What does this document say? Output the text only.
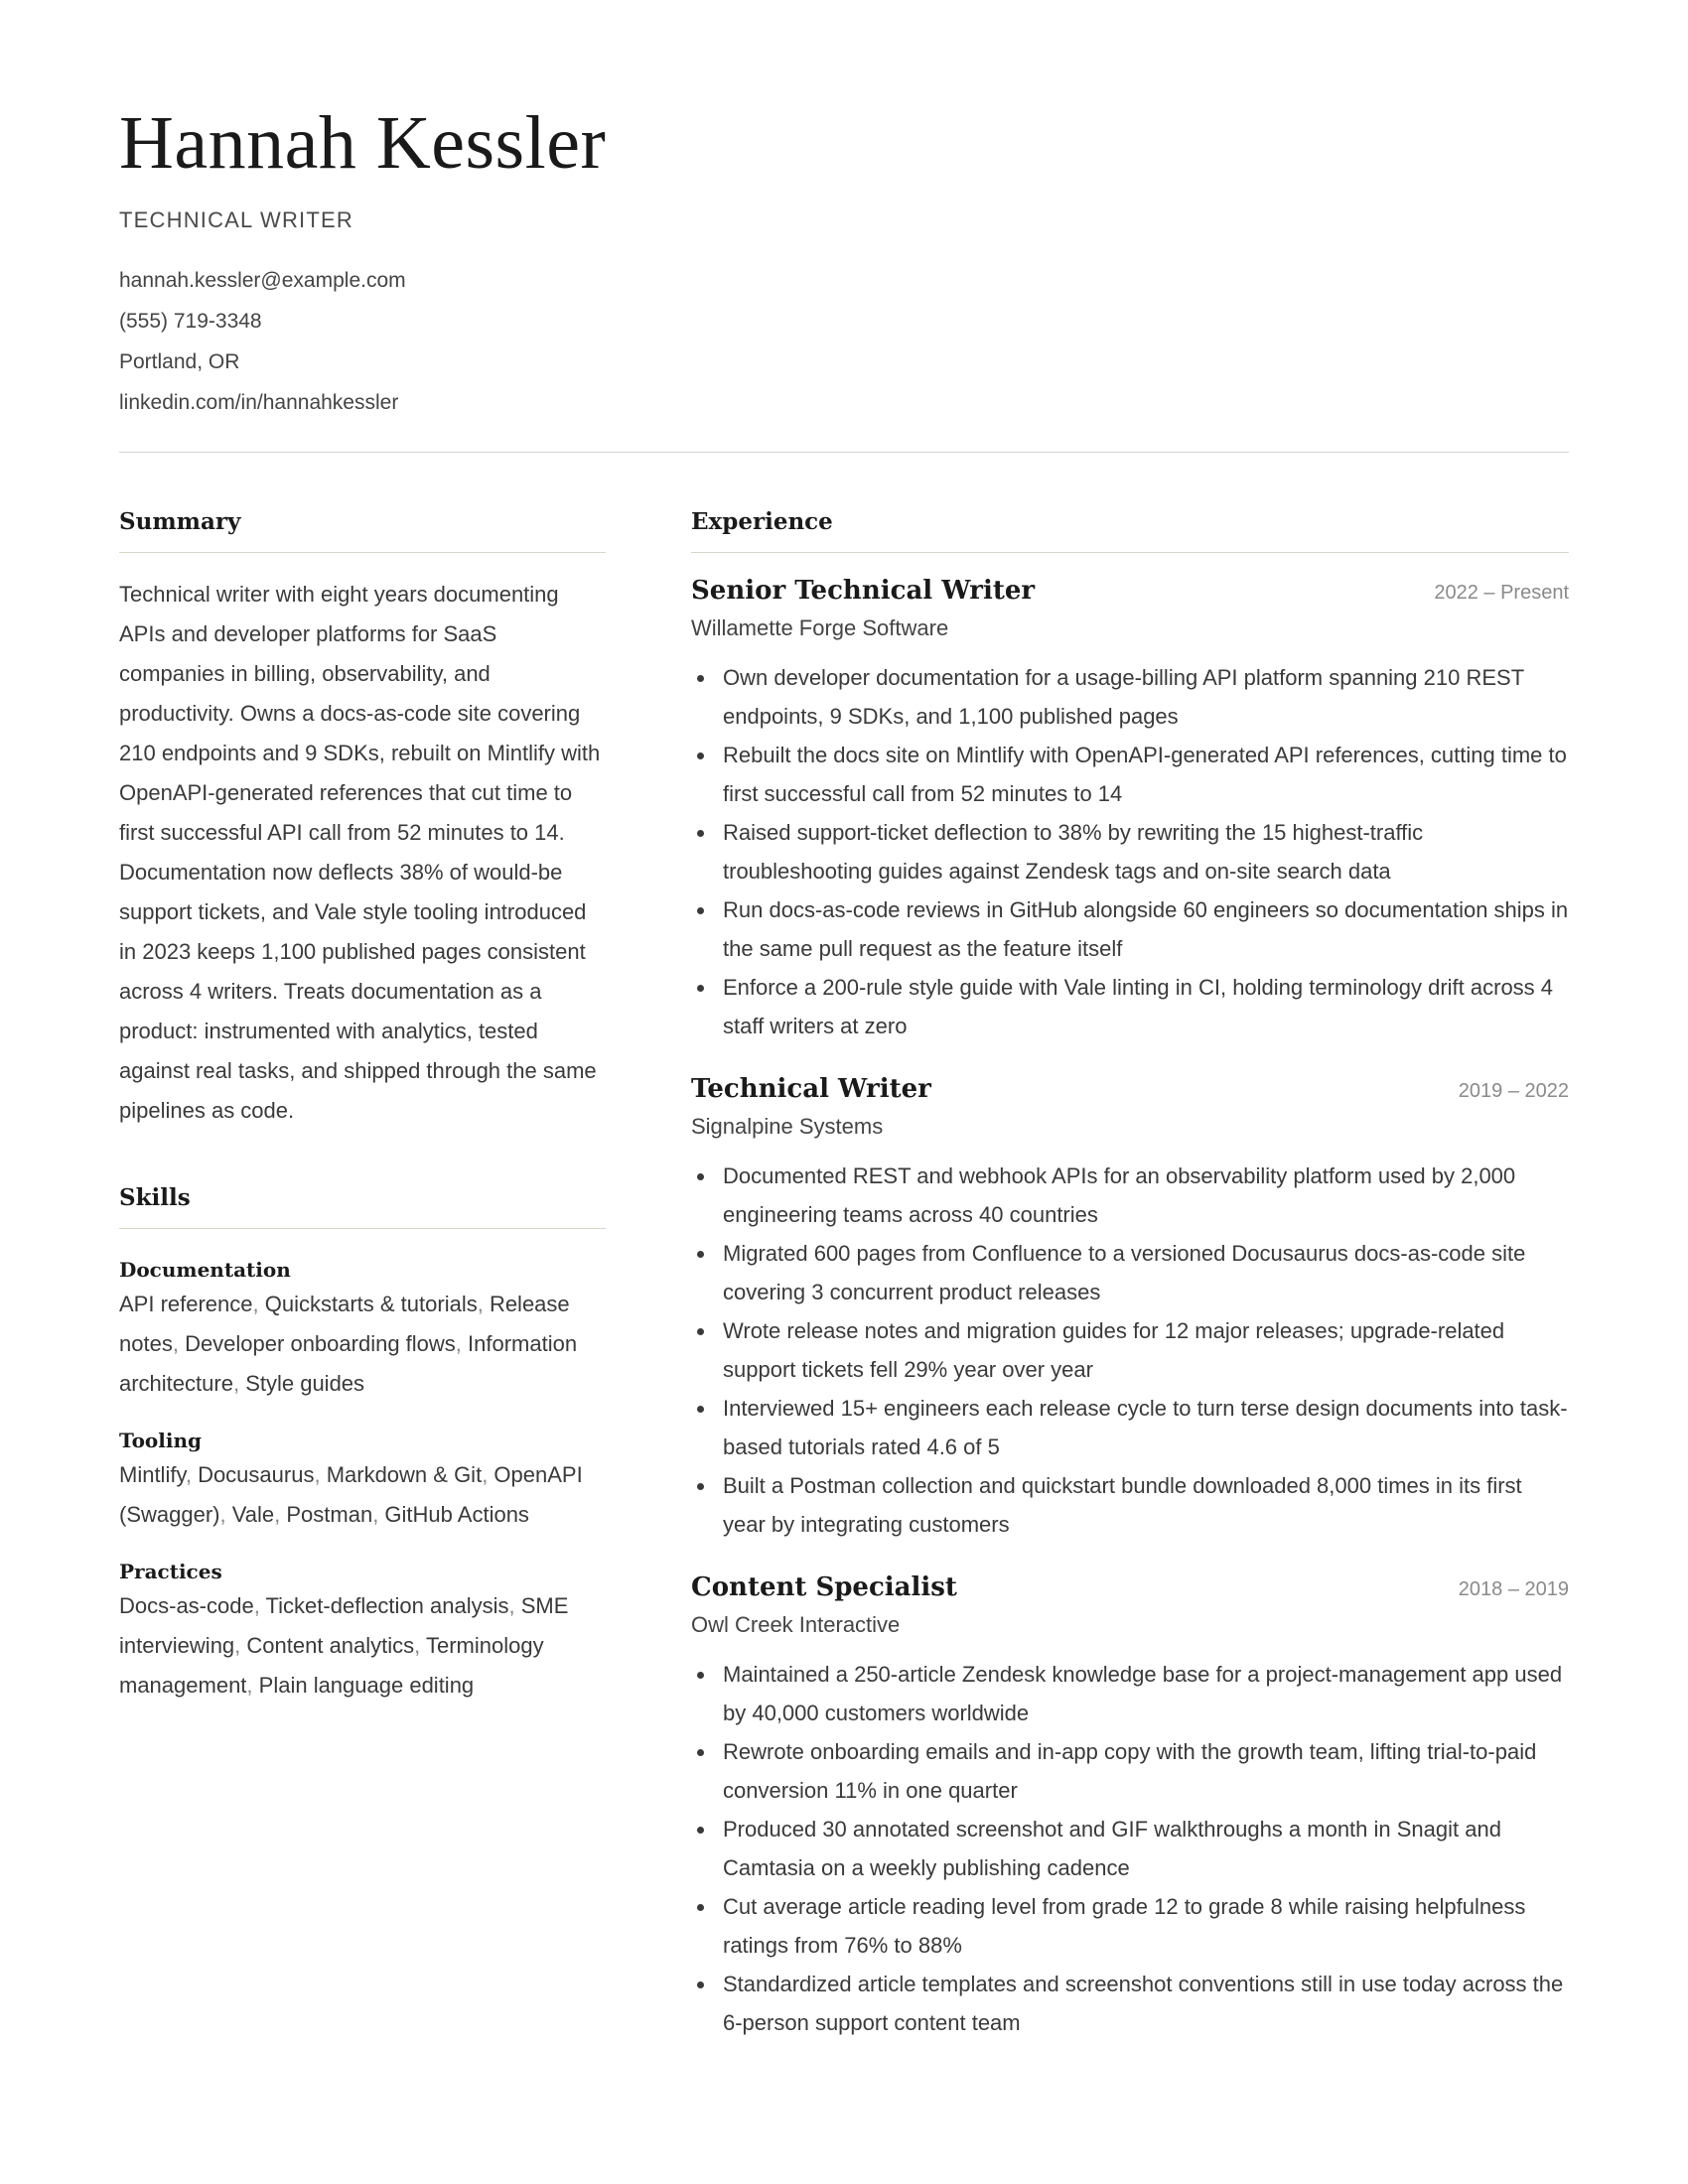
Hannah Kessler
TECHNICAL WRITER
hannah.kessler@example.com
(555) 719-3348
Portland, OR
linkedin.com/in/hannahkessler
Summary

Technical writer with eight years documenting APIs and developer platforms for SaaS companies in billing, observability, and productivity. Owns a docs-as-code site covering 210 endpoints and 9 SDKs, rebuilt on Mintlify with OpenAPI-generated references that cut time to first successful API call from 52 minutes to 14. Documentation now deflects 38% of would-be support tickets, and Vale style tooling introduced in 2023 keeps 1,100 published pages consistent across 4 writers. Treats documentation as a product: instrumented with analytics, tested against real tasks, and shipped through the same pipelines as code.

Skills
Documentation
API reference, Quickstarts & tutorials, Release notes, Developer onboarding flows, Information architecture, Style guides
Tooling
Mintlify, Docusaurus, Markdown & Git, OpenAPI (Swagger), Vale, Postman, GitHub Actions
Practices
Docs-as-code, Ticket-deflection analysis, SME interviewing, Content analytics, Terminology management, Plain language editing
Experience
Senior Technical Writer	2022 – Present
Willamette Forge Software
Own developer documentation for a usage-billing API platform spanning 210 REST endpoints, 9 SDKs, and 1,100 published pages
Rebuilt the docs site on Mintlify with OpenAPI-generated API references, cutting time to first successful call from 52 minutes to 14
Raised support-ticket deflection to 38% by rewriting the 15 highest-traffic troubleshooting guides against Zendesk tags and on-site search data
Run docs-as-code reviews in GitHub alongside 60 engineers so documentation ships in the same pull request as the feature itself
Enforce a 200-rule style guide with Vale linting in CI, holding terminology drift across 4 staff writers at zero
Technical Writer	2019 – 2022
Signalpine Systems
Documented REST and webhook APIs for an observability platform used by 2,000 engineering teams across 40 countries
Migrated 600 pages from Confluence to a versioned Docusaurus docs-as-code site covering 3 concurrent product releases
Wrote release notes and migration guides for 12 major releases; upgrade-related support tickets fell 29% year over year
Interviewed 15+ engineers each release cycle to turn terse design documents into task-based tutorials rated 4.6 of 5
Built a Postman collection and quickstart bundle downloaded 8,000 times in its first year by integrating customers
Content Specialist	2018 – 2019
Owl Creek Interactive
Maintained a 250-article Zendesk knowledge base for a project-management app used by 40,000 customers worldwide
Rewrote onboarding emails and in-app copy with the growth team, lifting trial-to-paid conversion 11% in one quarter
Produced 30 annotated screenshot and GIF walkthroughs a month in Snagit and Camtasia on a weekly publishing cadence
Cut average article reading level from grade 12 to grade 8 while raising helpfulness ratings from 76% to 88%
Standardized article templates and screenshot conventions still in use today across the 6-person support content team
